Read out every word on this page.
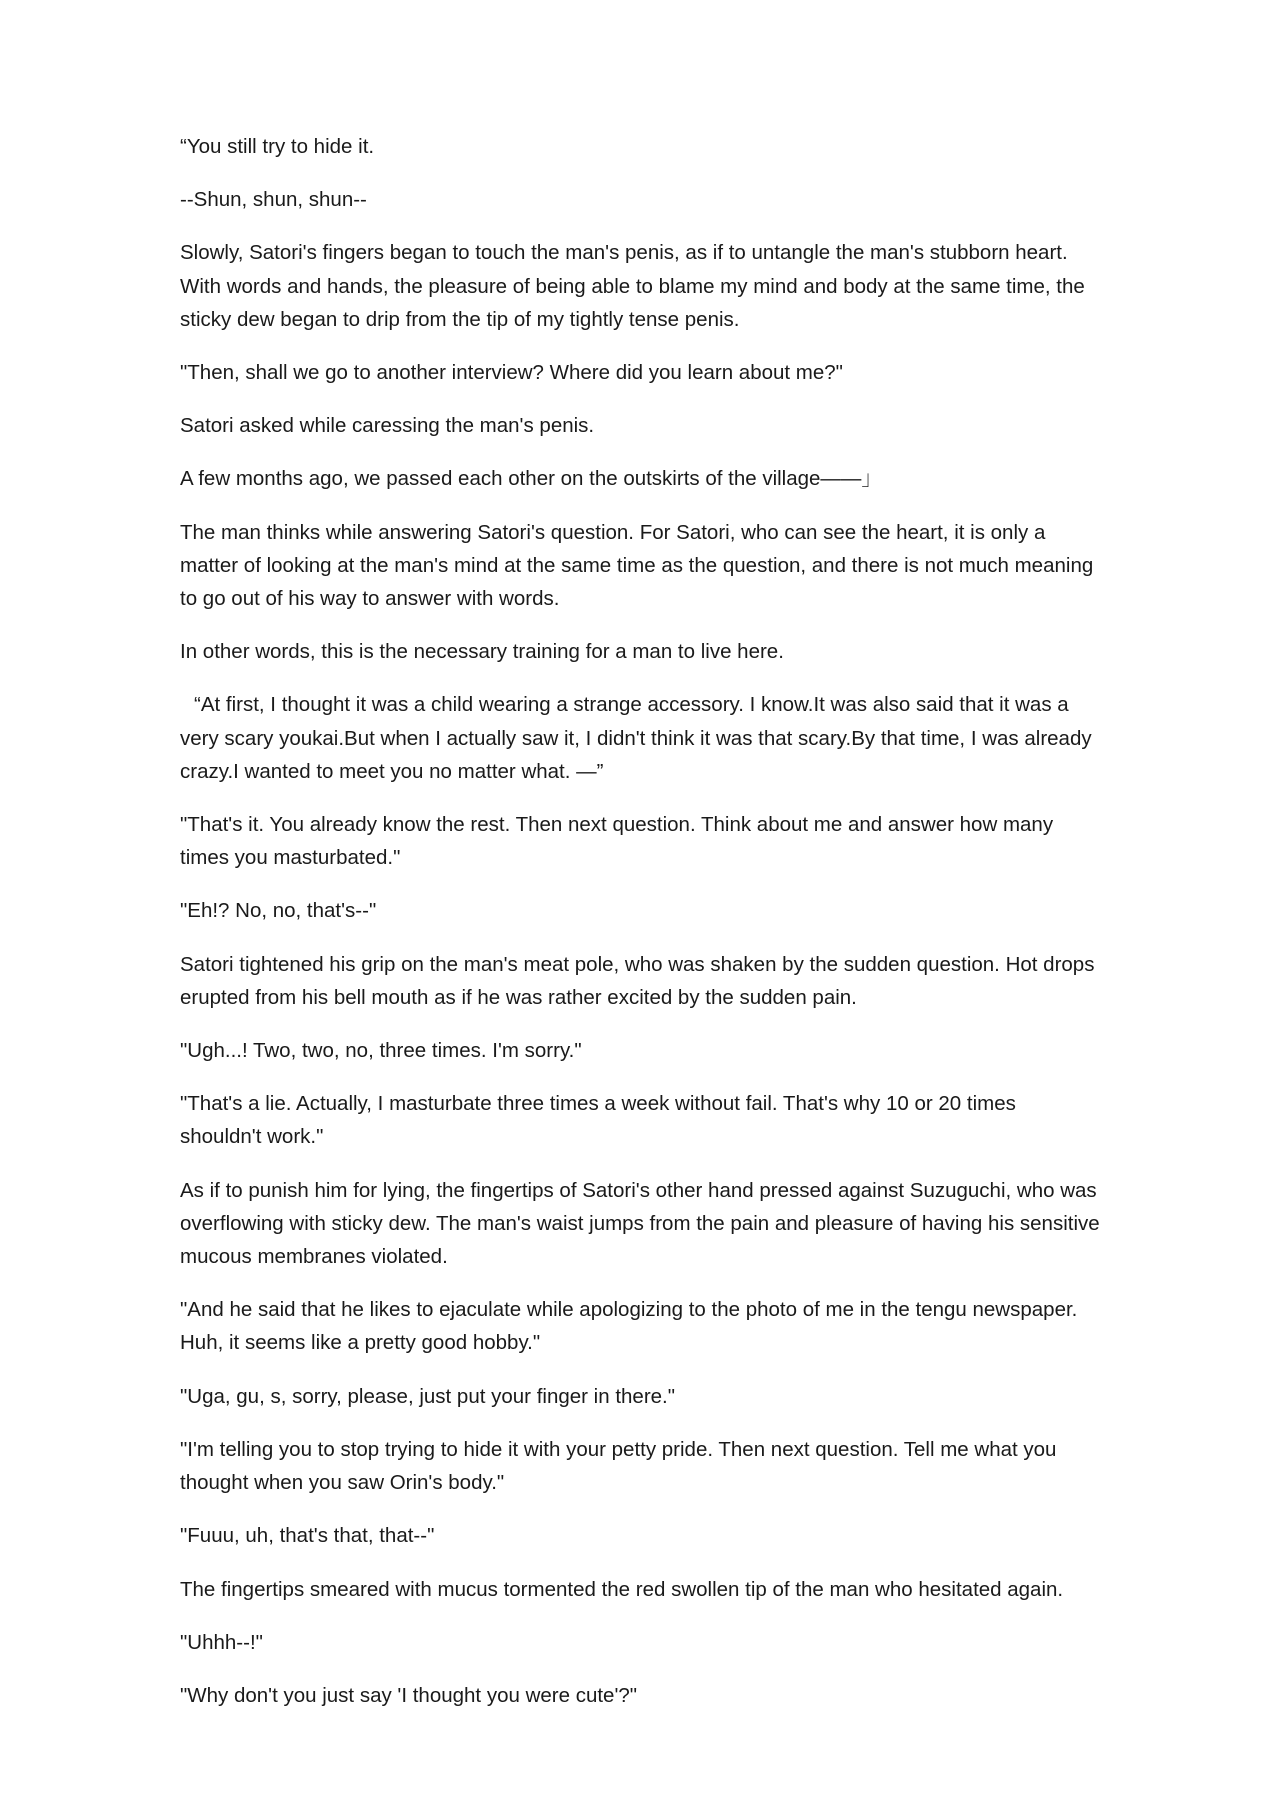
“You still try to hide it.

--Shun, shun, shun--

Slowly, Satori's fingers began to touch the man's penis, as if to untangle the man's stubborn heart. With words and hands, the pleasure of being able to blame my mind and body at the same time, the sticky dew began to drip from the tip of my tightly tense penis.

"Then, shall we go to another interview? Where did you learn about me?"

Satori asked while caressing the man's penis.

A few months ago, we passed each other on the outskirts of the village——」

The man thinks while answering Satori's question. For Satori, who can see the heart, it is only a matter of looking at the man's mind at the same time as the question, and there is not much meaning to go out of his way to answer with words.

In other words, this is the necessary training for a man to live here.

“At first, I thought it was a child wearing a strange accessory. I know.It was also said that it was a very scary youkai.But when I actually saw it, I didn't think it was that scary.By that time, I was already crazy.I wanted to meet you no matter what. —”

"That's it. You already know the rest. Then next question. Think about me and answer how many times you masturbated."

"Eh!? No, no, that's--"

Satori tightened his grip on the man's meat pole, who was shaken by the sudden question. Hot drops erupted from his bell mouth as if he was rather excited by the sudden pain.

"Ugh...! Two, two, no, three times. I'm sorry."

"That's a lie. Actually, I masturbate three times a week without fail. That's why 10 or 20 times shouldn't work."

As if to punish him for lying, the fingertips of Satori's other hand pressed against Suzuguchi, who was overflowing with sticky dew. The man's waist jumps from the pain and pleasure of having his sensitive mucous membranes violated.

"And he said that he likes to ejaculate while apologizing to the photo of me in the tengu newspaper. Huh, it seems like a pretty good hobby."

"Uga, gu, s, sorry, please, just put your finger in there."

"I'm telling you to stop trying to hide it with your petty pride. Then next question. Tell me what you thought when you saw Orin's body."

"Fuuu, uh, that's that, that--"

The fingertips smeared with mucus tormented the red swollen tip of the man who hesitated again.

"Uhhh--!"

"Why don't you just say 'I thought you were cute'?"
